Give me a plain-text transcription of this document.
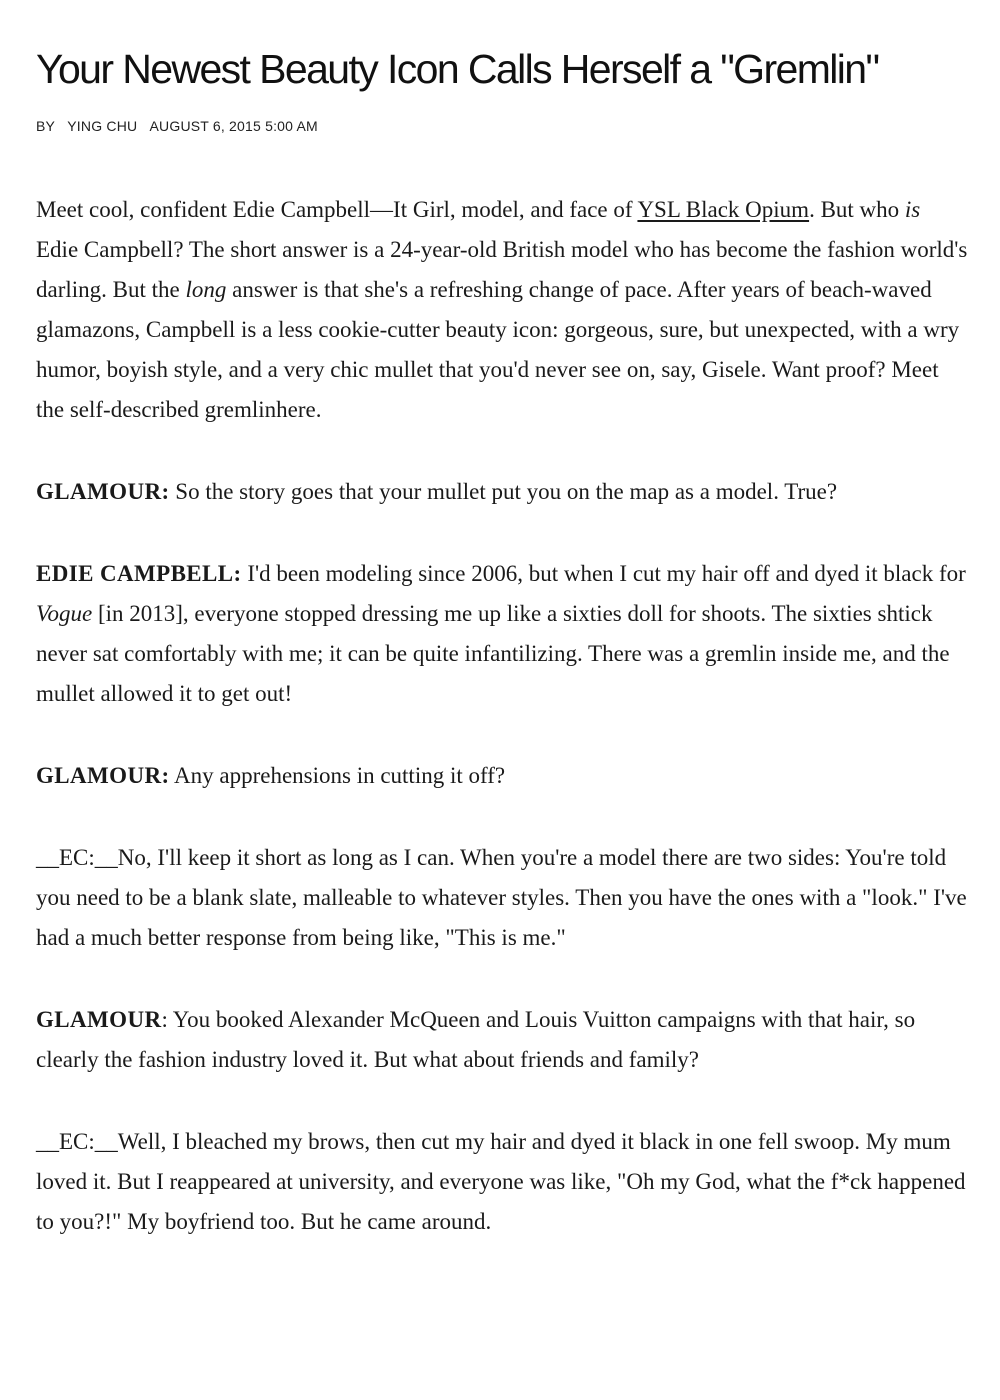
Your Newest Beauty Icon Calls Herself a "Gremlin"
BY YING CHU AUGUST 6, 2015 5:00 AM

Meet cool, confident Edie Campbell—It Girl, model, and face of YSL Black Opium. But who is Edie Campbell? The short answer is a 24-year-old British model who has become the fashion world's darling. But the long answer is that she's a refreshing change of pace. After years of beach-waved glamazons, Campbell is a less cookie-cutter beauty icon: gorgeous, sure, but unexpected, with a wry humor, boyish style, and a very chic mullet that you'd never see on, say, Gisele. Want proof? Meet the self-described gremlinhere.

GLAMOUR: So the story goes that your mullet put you on the map as a model. True?

EDIE CAMPBELL: I'd been modeling since 2006, but when I cut my hair off and dyed it black for Vogue [in 2013], everyone stopped dressing me up like a sixties doll for shoots. The sixties shtick never sat comfortably with me; it can be quite infantilizing. There was a gremlin inside me, and the mullet allowed it to get out!

GLAMOUR: Any apprehensions in cutting it off?

__EC:__No, I'll keep it short as long as I can. When you're a model there are two sides: You're told you need to be a blank slate, malleable to whatever styles. Then you have the ones with a "look." I've had a much better response from being like, "This is me."

GLAMOUR: You booked Alexander McQueen and Louis Vuitton campaigns with that hair, so clearly the fashion industry loved it. But what about friends and family?

__EC:__Well, I bleached my brows, then cut my hair and dyed it black in one fell swoop. My mum loved it. But I reappeared at university, and everyone was like, "Oh my God, what the f*ck happened to you?!" My boyfriend too. But he came around.
